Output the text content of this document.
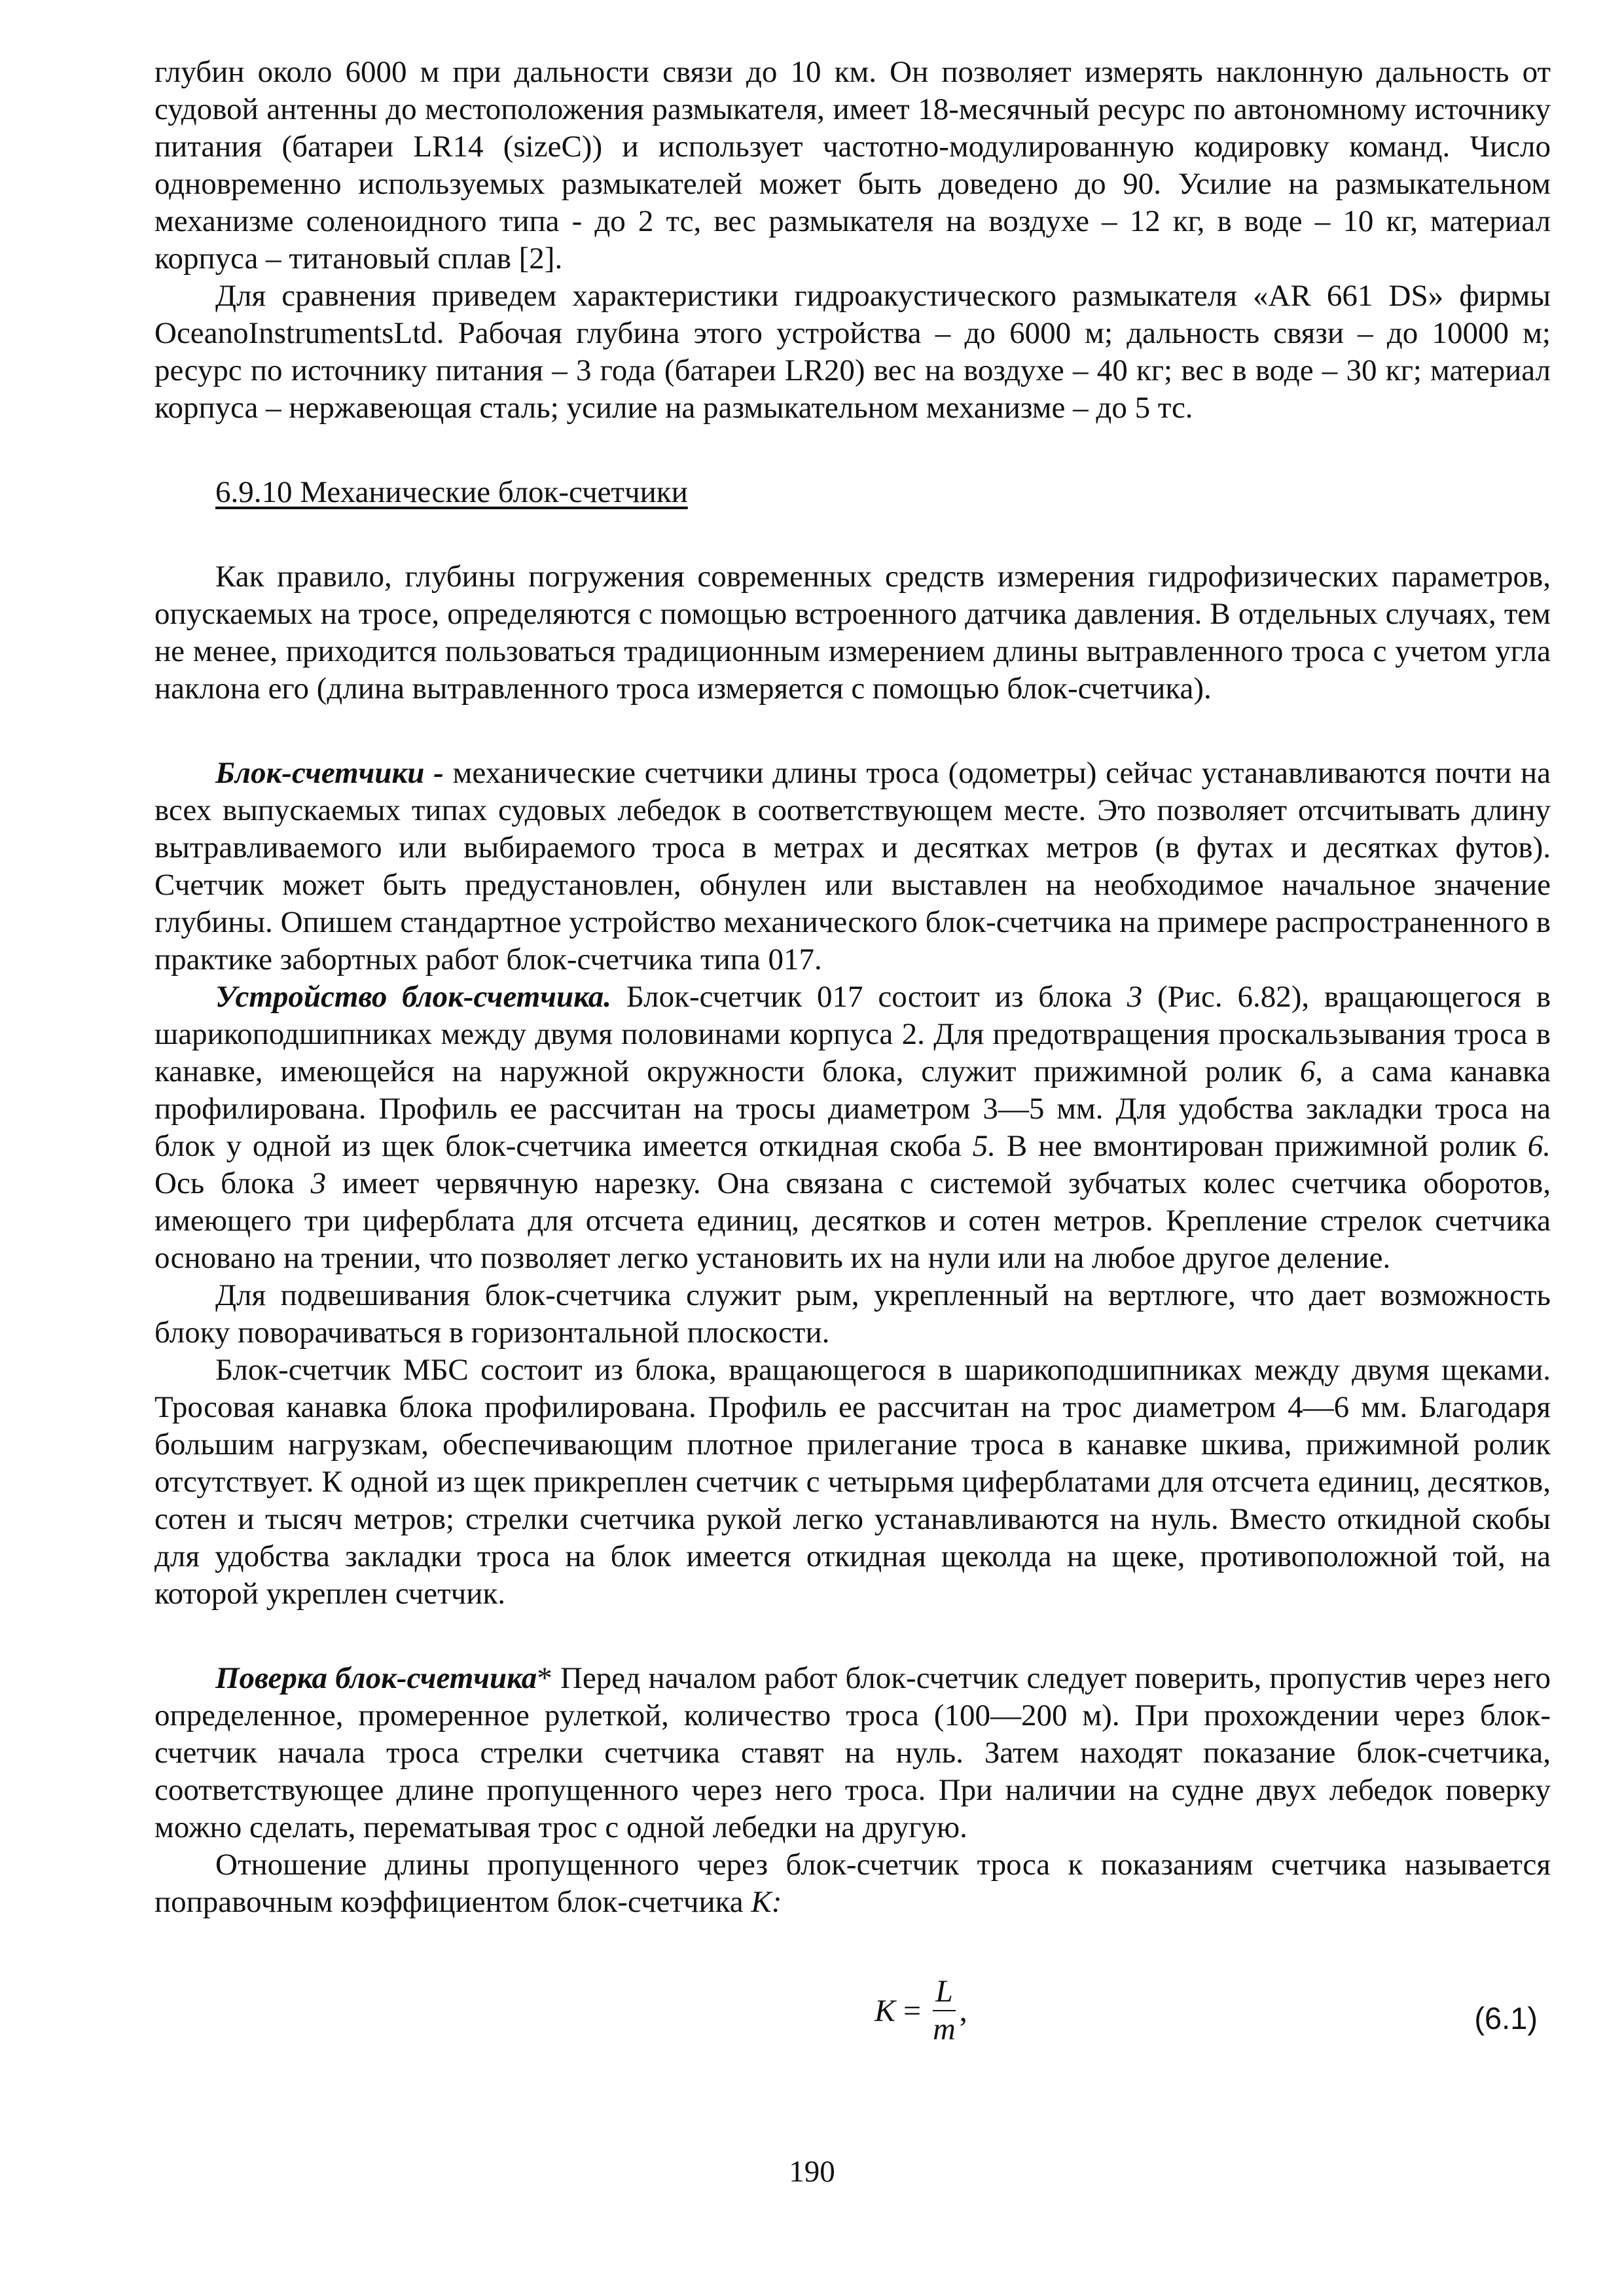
глубин около 6000 м при дальности связи до 10 км. Он позволяет измерять наклонную дальность от судовой антенны до местоположения размыкателя, имеет 18-месячный ресурс по автономному источнику питания (батареи LR14 (sizeC)) и использует частотно-модулированную кодировку команд. Число одновременно используемых размыкателей может быть доведено до 90. Усилие на размыкательном механизме соленоидного типа - до 2 тс, вес размыкателя на воздухе – 12 кг, в воде – 10 кг, материал корпуса – титановый сплав [2].

Для сравнения приведем характеристики гидроакустического размыкателя «AR 661 DS» фирмы OceanoInstrumentsLtd. Рабочая глубина этого устройства – до 6000 м; дальность связи – до 10000 м; ресурс по источнику питания – 3 года (батареи LR20) вес на воздухе – 40 кг; вес в воде – 30 кг; материал корпуса – нержавеющая сталь; усилие на размыкательном механизме – до 5 тс.

6.9.10 Механические блок-счетчики

Как правило, глубины погружения современных средств измерения гидрофизических параметров, опускаемых на тросе, определяются с помощью встроенного датчика давления. В отдельных случаях, тем не менее, приходится пользоваться традиционным измерением длины вытравленного троса с учетом угла наклона его (длина вытравленного троса измеряется с помощью блок-счетчика).

Блок-счетчики - механические счетчики длины троса (одометры) сейчас устанавливаются почти на всех выпускаемых типах судовых лебедок в соответствующем месте. Это позволяет отсчитывать длину вытравливаемого или выбираемого троса в метрах и десятках метров (в футах и десятках футов). Счетчик может быть предустановлен, обнулен или выставлен на необходимое начальное значение глубины. Опишем стандартное устройство механического блок-счетчика на примере распространенного в практике забортных работ блок-счетчика типа 017.

Устройство блок-счетчика. Блок-счетчик 017 состоит из блока 3 (Рис. 6.82), вращающегося в шарикоподшипниках между двумя половинами корпуса 2. Для предотвращения проскальзывания троса в канавке, имеющейся на наружной окружности блока, служит прижимной ролик 6, а сама канавка профилирована. Профиль ее рассчитан на тросы диаметром 3—5 мм. Для удобства закладки троса на блок у одной из щек блок-счетчика имеется откидная скоба 5. В нее вмонтирован прижимной ролик 6. Ось блока 3 имеет червячную нарезку. Она связана с системой зубчатых колес счетчика оборотов, имеющего три циферблата для отсчета единиц, десятков и сотен метров. Крепление стрелок счетчика основано на трении, что позволяет легко установить их на нули или на любое другое деление.

Для подвешивания блок-счетчика служит рым, укрепленный на вертлюге, что дает возможность блоку поворачиваться в горизонтальной плоскости.

Блок-счетчик МБС состоит из блока, вращающегося в шарикоподшипниках между двумя щеками. Тросовая канавка блока профилирована. Профиль ее рассчитан на трос диаметром 4—6 мм. Благодаря большим нагрузкам, обеспечивающим плотное прилегание троса в канавке шкива, прижимной ролик отсутствует. К одной из щек прикреплен счетчик с четырьмя циферблатами для отсчета единиц, десятков, сотен и тысяч метров; стрелки счетчика рукой легко устанавливаются на нуль. Вместо откидной скобы для удобства закладки троса на блок имеется откидная щеколда на щеке, противоположной той, на которой укреплен счетчик.

Поверка блок-счетчика* Перед началом работ блок-счетчик следует поверить, пропустив через него определенное, промеренное рулеткой, количество троса (100—200 м). При прохождении через блок-счетчик начала троса стрелки счетчика ставят на нуль. Затем находят показание блок-счетчика, соответствующее длине пропущенного через него троса. При наличии на судне двух лебедок поверку можно сделать, перематывая трос с одной лебедки на другую.

Отношение длины пропущенного через блок-счетчик троса к показаниям счетчика называется поправочным коэффициентом блок-счетчика K:

$K = \frac{L}{m}$ ,	(6.1)
190
